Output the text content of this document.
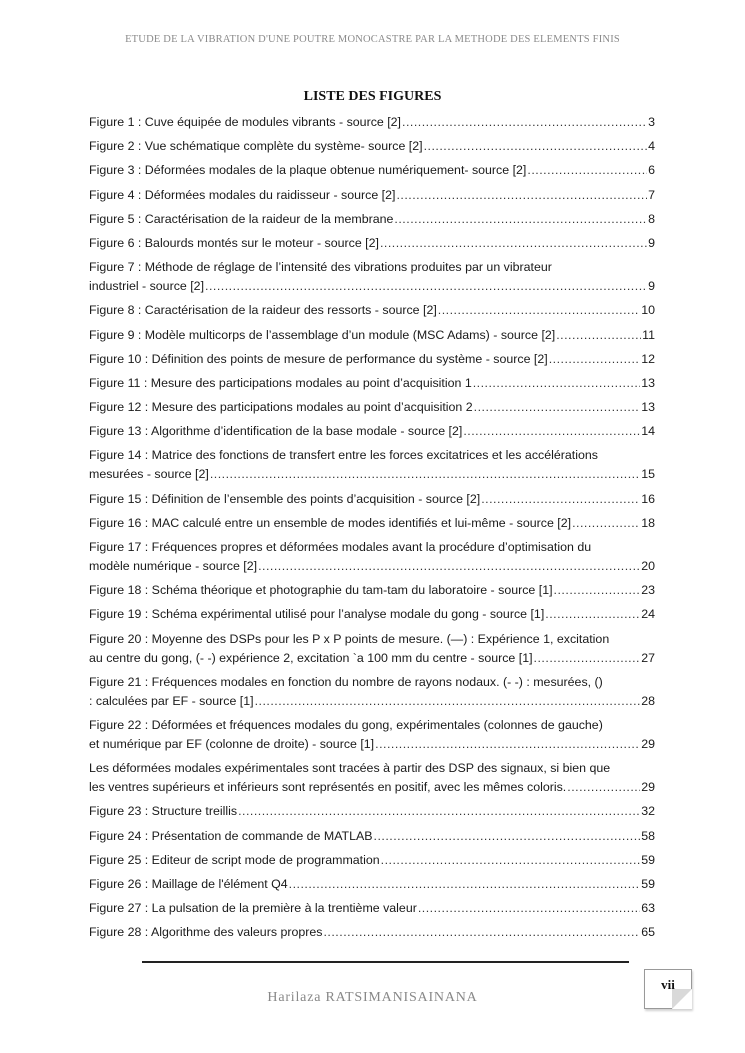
ETUDE DE LA VIBRATION D'UNE POUTRE MONOCASTRE PAR LA METHODE DES ELEMENTS FINIS
LISTE DES FIGURES
Figure 1 : Cuve équipée de modules vibrants - source [2] .....	3
Figure 2 : Vue schématique complète du système- source [2] .....	4
Figure 3 : Déformées modales de la plaque obtenue numériquement- source [2] .....	6
Figure 4 : Déformées modales du raidisseur - source [2] .....	7
Figure 5 : Caractérisation de la raideur de la membrane .....	8
Figure 6 : Balourds montés sur le moteur - source [2] .....	9
Figure 7 : Méthode de réglage de l’intensité des vibrations produites par un vibrateur
industriel - source [2] .....	9
Figure 8 : Caractérisation de la raideur des ressorts - source [2] .....	10
Figure 9 : Modèle multicorps de l’assemblage d’un module (MSC Adams) - source [2] .....	11
Figure 10 : Définition des points de mesure de performance du système - source [2] .....	12
Figure 11 : Mesure des participations modales au point d’acquisition 1 .....	13
Figure 12 : Mesure des participations modales au point d’acquisition 2 .....	13
Figure 13 : Algorithme d’identification de la base modale - source [2] .....	14
Figure 14 : Matrice des fonctions de transfert entre les forces excitatrices et les accélérations
mesurées - source [2] .....	15
Figure 15 : Définition de l’ensemble des points d’acquisition - source [2] .....	16
Figure 16 : MAC calculé entre un ensemble de modes identifiés et lui-même - source [2] .....	18
Figure 17 : Fréquences propres et déformées modales avant la procédure d’optimisation du
modèle numérique - source [2] .....	20
Figure 18 : Schéma théorique et photographie du tam-tam du laboratoire - source [1] .....	23
Figure 19 : Schéma expérimental utilisé pour l’analyse modale du gong - source [1] .....	24
Figure 20 : Moyenne des DSPs pour les P x P points de mesure. (—) : Expérience 1, excitation
au centre du gong, (- -) expérience 2, excitation `a 100 mm du centre - source [1] .....	27
Figure 21 : Fréquences modales en fonction du nombre de rayons nodaux. (- -) : mesurées, ()
: calculées par EF - source [1] .....	28
Figure 22 : Déformées et fréquences modales du gong, expérimentales (colonnes de gauche)
et numérique par EF (colonne de droite) - source [1] .....	29
Les déformées modales expérimentales sont tracées à partir des DSP des signaux, si bien que
les ventres supérieurs et inférieurs sont représentés en positif, avec les mêmes coloris. .....	29
Figure 23 : Structure treillis .....	32
Figure 24 : Présentation de commande de MATLAB .....	58
Figure 25 : Editeur de script mode de programmation .....	59
Figure 26 : Maillage de l'élément Q4 .....	59
Figure 27 : La pulsation de la première à la trentième valeur .....	63
Figure 28 : Algorithme des valeurs propres .....	65
vii
Harilaza RATSIMANISAINANA
